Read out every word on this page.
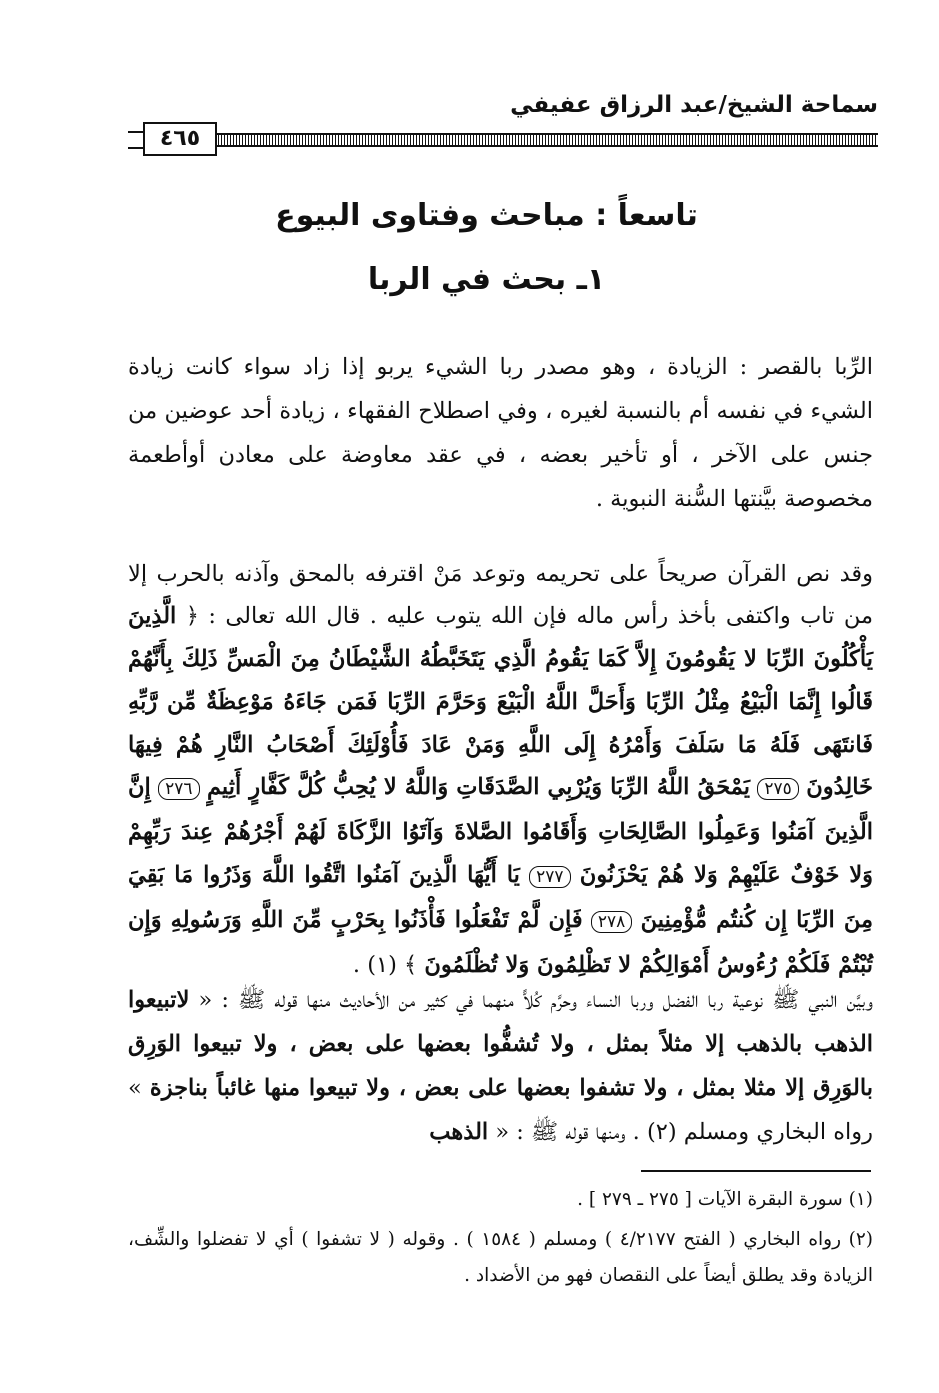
٤٦٥
سماحة الشيخ/عبد الرزاق عفيفي
تاسعاً : مباحث وفتاوى البيوع
١ـ بحث في الربا

الرِّبا بالقصر : الزيادة ، وهو مصدر ربا الشيء يربو إذا زاد سواء كانت زيادة الشيء في نفسه أم بالنسبة لغيره ، وفي اصطلاح الفقهاء ، زيادة أحد عوضين من جنس على الآخر ، أو تأخير بعضه ، في عقد معاوضة على معادن أوأطعمة مخصوصة بيَّنتها السُّنة النبوية .

وقد نص القرآن صريحاً على تحريمه وتوعد مَنْ اقترفه بالمحق وآذنه بالحرب إلا من تاب واكتفى بأخذ رأس ماله فإن الله يتوب عليه . قال الله تعالى : ﴿ الَّذِينَ يَأْكُلُونَ الرِّبَا لا يَقُومُونَ إِلاَّ كَمَا يَقُومُ الَّذِي يَتَخَبَّطُهُ الشَّيْطَانُ مِنَ الْمَسِّ ذَلِكَ بِأَنَّهُمْ قَالُوا إِنَّمَا الْبَيْعُ مِثْلُ الرِّبَا وَأَحَلَّ اللَّهُ الْبَيْعَ وَحَرَّمَ الرِّبَا فَمَن جَاءَهُ مَوْعِظَةٌ مِّن رَّبِّهِ فَانتَهَى فَلَهُ مَا سَلَفَ وَأَمْرُهُ إِلَى اللَّهِ وَمَنْ عَادَ فَأُوْلَئِكَ أَصْحَابُ النَّارِ هُمْ فِيهَا خَالِدُونَ ٢٧٥ يَمْحَقُ اللَّهُ الرِّبَا وَيُرْبِي الصَّدَقَاتِ وَاللَّهُ لا يُحِبُّ كُلَّ كَفَّارٍ أَثِيمٍ ٢٧٦ إِنَّ الَّذِينَ آمَنُوا وَعَمِلُوا الصَّالِحَاتِ وَأَقَامُوا الصَّلاةَ وَآتَوُا الزَّكَاةَ لَهُمْ أَجْرُهُمْ عِندَ رَبِّهِمْ وَلا خَوْفٌ عَلَيْهِمْ وَلا هُمْ يَحْزَنُونَ ٢٧٧ يَا أَيُّهَا الَّذِينَ آمَنُوا اتَّقُوا اللَّهَ وَذَرُوا مَا بَقِيَ مِنَ الرِّبَا إِن كُنتُم مُّؤْمِنِينَ ٢٧٨ فَإِن لَّمْ تَفْعَلُوا فَأْذَنُوا بِحَرْبٍ مِّنَ اللَّهِ وَرَسُولِهِ وَإِن تُبْتُمْ فَلَكُمْ رُءُوسُ أَمْوَالِكُمْ لا تَظْلِمُونَ وَلا تُظْلَمُونَ ﴾ (١) .

وبيَّن النبي ﷺ نوعية ربا الفضل وربا النساء وحرَّم كُلاًّ منهما في كثير من الأحاديث منها قوله ﷺ : « لاتبيعوا الذهب بالذهب إلا مثلاً بمثل ، ولا تُشفُّوا بعضها على بعض ، ولا تبيعوا الوَرِق بالوَرِق إلا مثلا بمثل ، ولا تشفوا بعضها على بعض ، ولا تبيعوا منها غائباً بناجزة » رواه البخاري ومسلم (٢) . ومنها قوله ﷺ : « الذهب

(١) سورة البقرة الآيات [ ٢٧٥ ـ ٢٧٩ ] .

(٢) رواه البخاري ( الفتح ٤/٢١٧٧ ) ومسلم ( ١٥٨٤ ) . وقوله ( لا تشفوا ) أي لا تفضلوا والشِّف، الزيادة وقد يطلق أيضاً على النقصان فهو من الأضداد .
